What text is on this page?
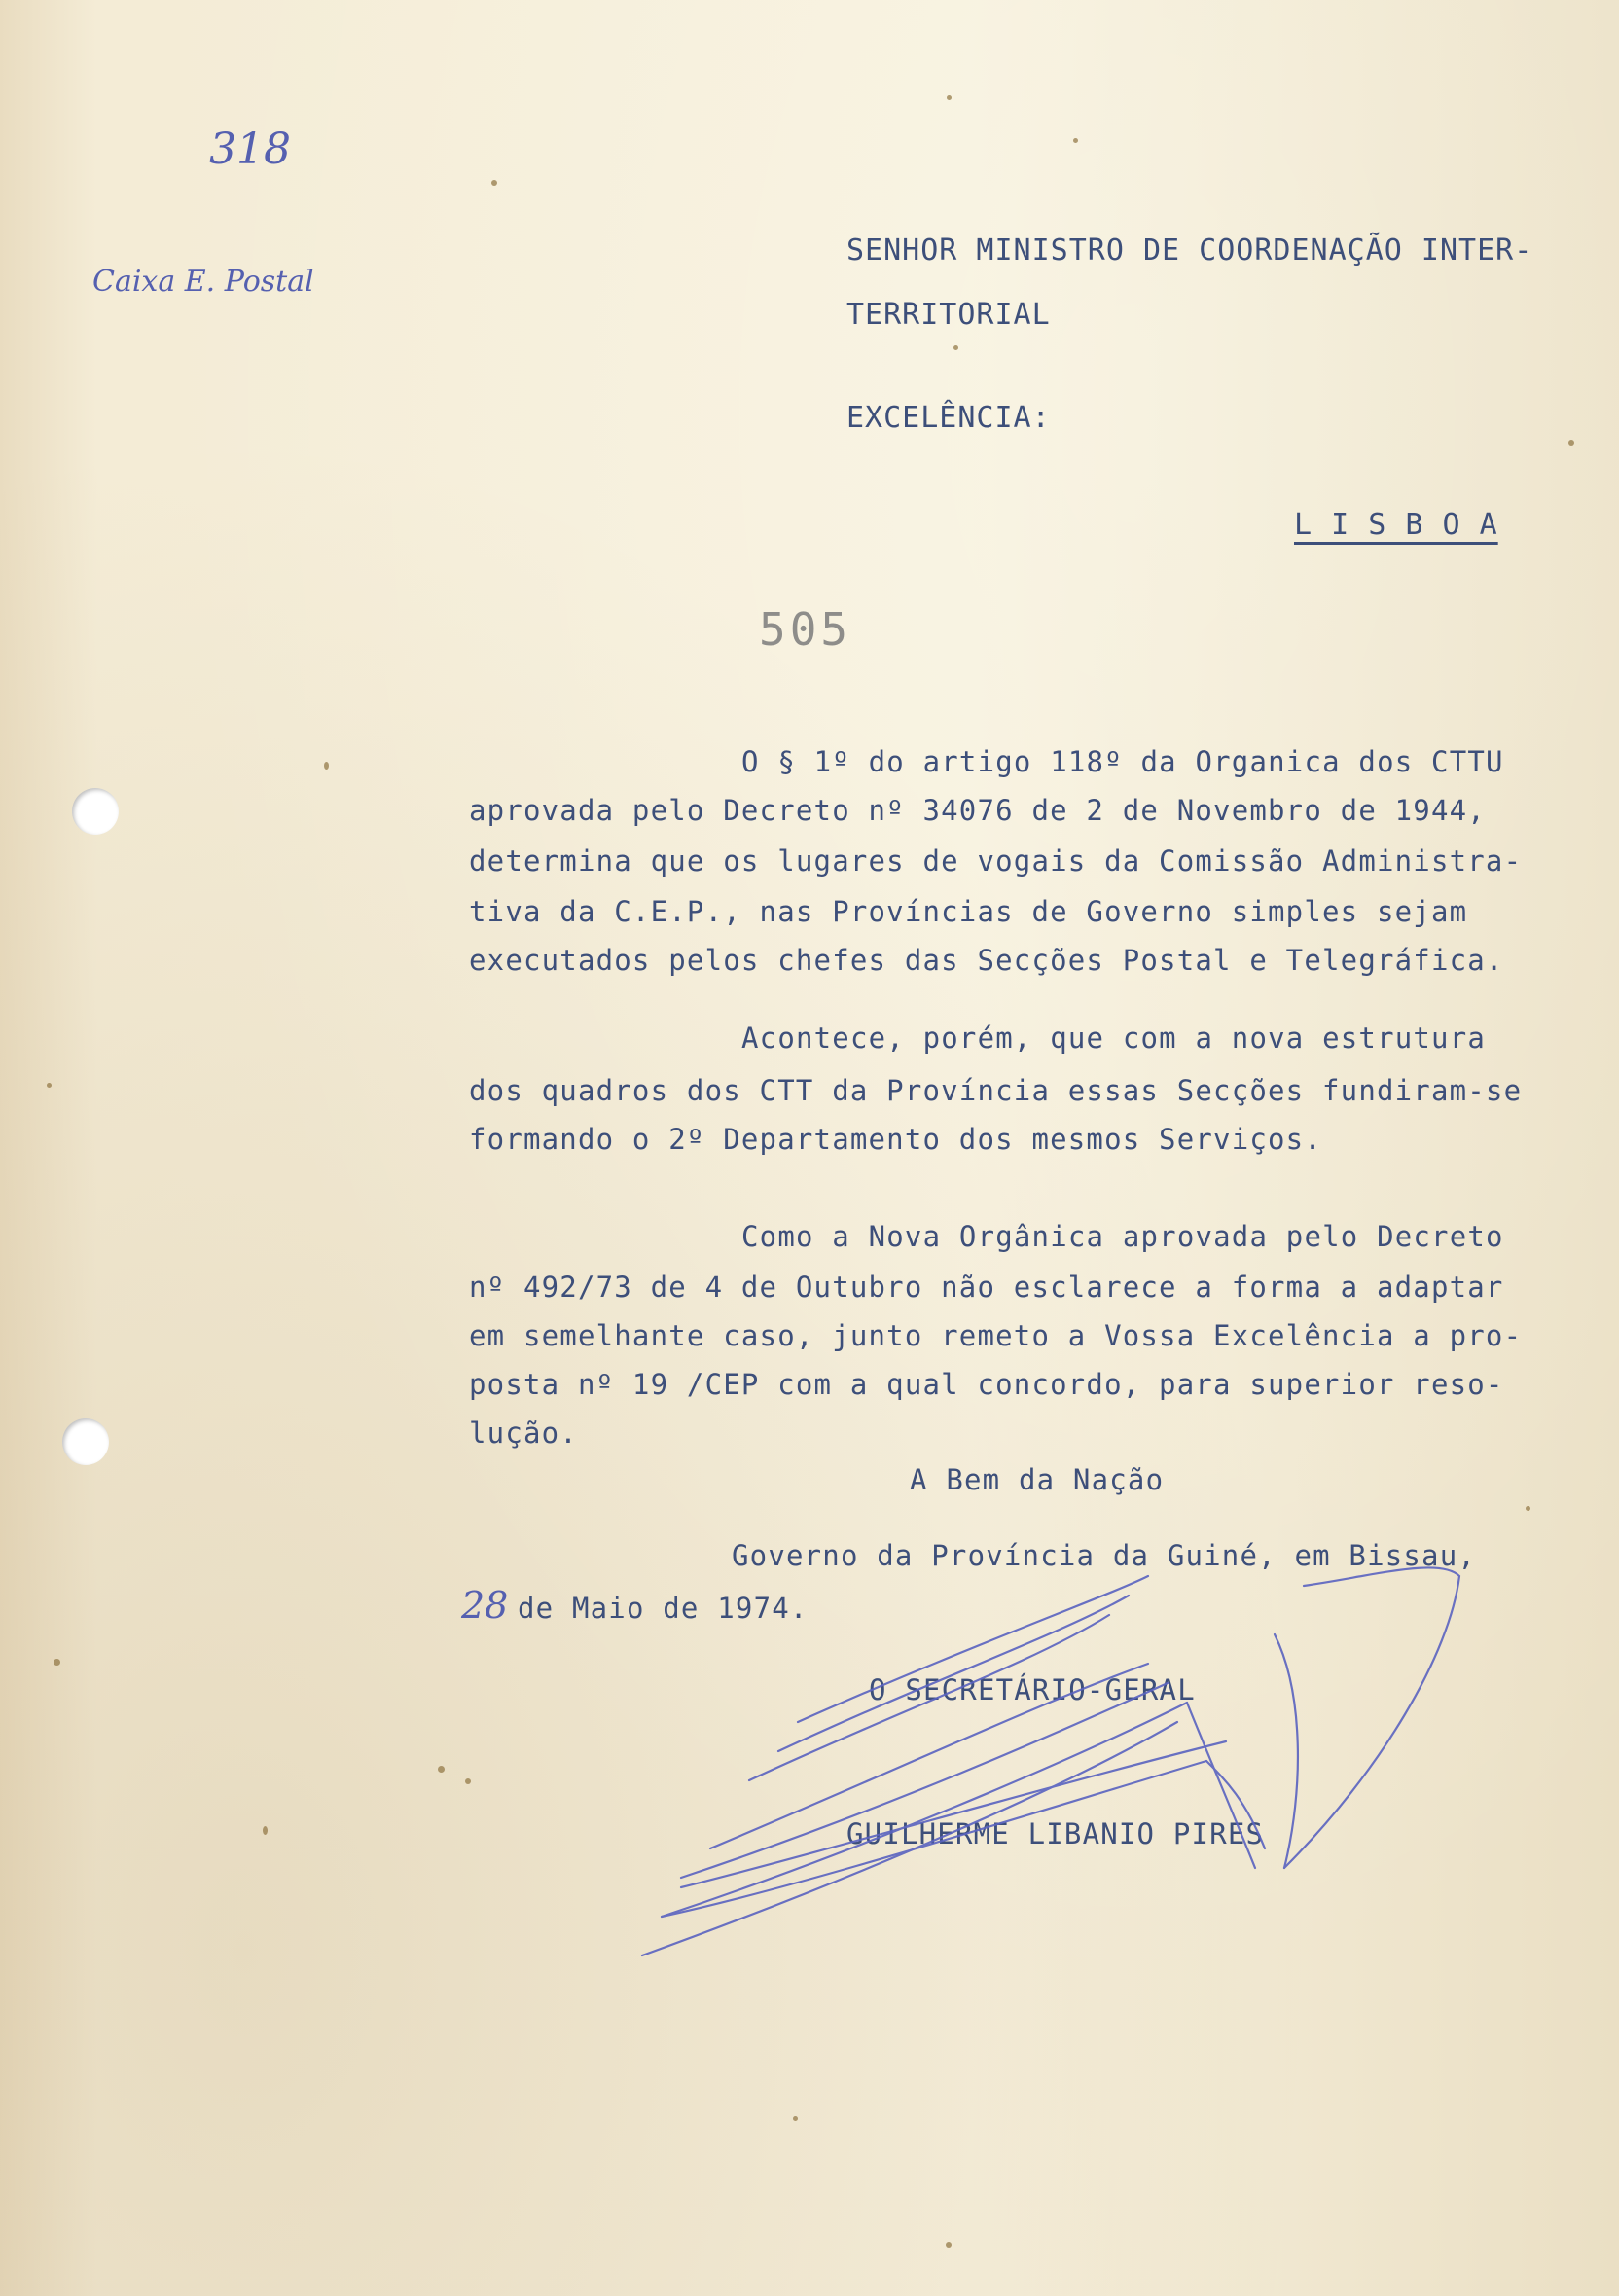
318
Caixa E. Postal

SENHOR MINISTRO DE COORDENAÇÃO INTER-

TERRITORIAL

EXCELÊNCIA:

L I S B O A

505

O § 1º do artigo 118º da Organica dos CTTU

aprovada pelo Decreto nº 34076 de 2 de Novembro de 1944,

determina que os lugares de vogais da Comissão Administra-

tiva da C.E.P., nas Províncias de Governo simples sejam

executados pelos chefes das Secções Postal e Telegráfica.

Acontece, porém, que com a nova estrutura

dos quadros dos CTT da Província essas Secções fundiram-se

formando o 2º Departamento dos mesmos Serviços.

Como a Nova Orgânica aprovada pelo Decreto

nº 492/73 de 4 de Outubro não esclarece a forma a adaptar

em semelhante caso, junto remeto a Vossa Excelência a pro-

posta nº 19 /CEP com a qual concordo, para superior reso-

lução.

A Bem da Nação

Governo da Província da Guiné, em Bissau,

28 de Maio de 1974.

O SECRETÁRIO-GERAL

GUILHERME LIBANIO PIRES
